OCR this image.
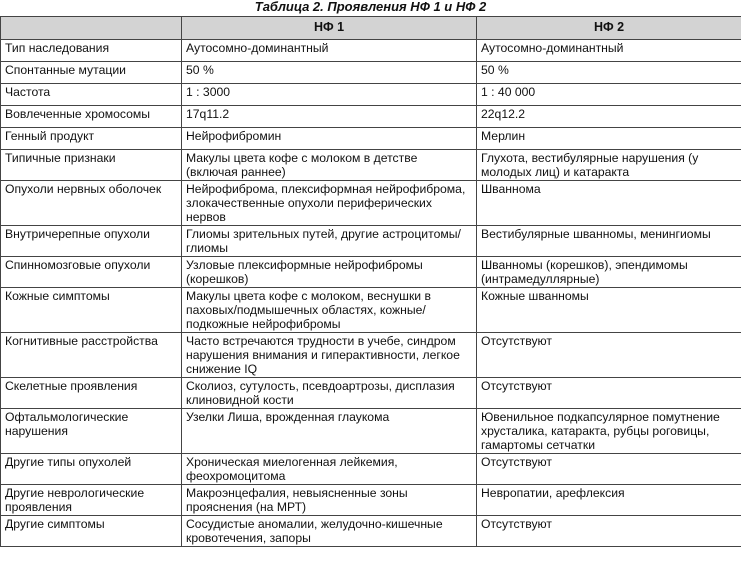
Таблица 2. Проявления НФ 1 и НФ 2
	НФ 1	НФ 2
Тип наследования	Аутосомно-доминантный	Аутосомно-доминантный
Спонтанные мутации	50 %	50 %
Частота	1 : 3000	1 : 40 000
Вовлеченные хромосомы	17q11.2	22q12.2
Генный продукт	Нейрофибромин	Мерлин
Типичные признаки	Макулы цвета кофе с молоком в детстве (включая раннее)	Глухота, вестибулярные нарушения (у молодых лиц) и катаракта
Опухоли нервных оболочек	Нейрофиброма, плексиформная нейрофиброма, злокачественные опухоли периферических нервов	Шваннома
Внутричерепные опухоли	Глиомы зрительных путей, другие астроцитомы/глиомы	Вестибулярные шванномы, менингиомы
Спинномозговые опухоли	Узловые плексиформные нейрофибромы (корешков)	Шванномы (корешков), эпендимомы (интрамедуллярные)
Кожные симптомы	Макулы цвета кофе с молоком, веснушки в паховых/подмышечных областях, кожные/подкожные нейрофибромы	Кожные шванномы
Когнитивные расстройства	Часто встречаются трудности в учебе, синдром нарушения внимания и гиперактивности, легкое снижение IQ	Отсутствуют
Скелетные проявления	Сколиоз, сутулость, псевдоартрозы, дисплазия клиновидной кости	Отсутствуют
Офтальмологические нарушения	Узелки Лиша, врожденная глаукома	Ювенильное подкапсулярное помутнение хрусталика, катаракта, рубцы роговицы, гамартомы сетчатки
Другие типы опухолей	Хроническая миелогенная лейкемия, феохромоцитома	Отсутствуют
Другие неврологические проявления	Макроэнцефалия, невыясненные зоны прояснения (на МРТ)	Невропатии, арефлексия
Другие симптомы	Сосудистые аномалии, желудочно-кишечные кровотечения, запоры	Отсутствуют
